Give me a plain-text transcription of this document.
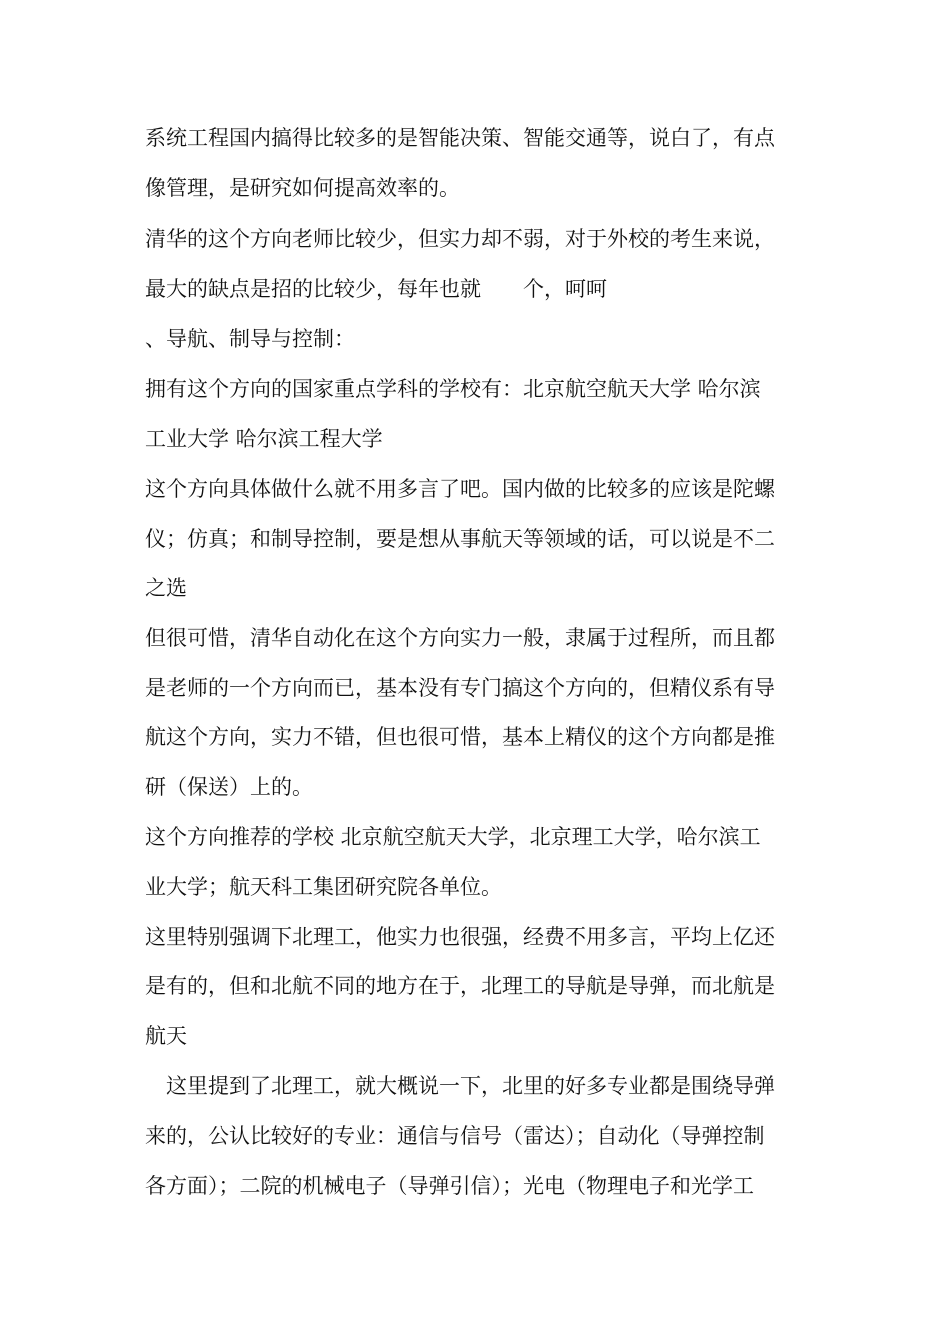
系统工程国内搞得比较多的是智能决策、智能交通等，说白了，有点
像管理，是研究如何提高效率的。
清华的这个方向老师比较少，但实力却不弱，对于外校的考生来说，
最大的缺点是招的比较少，每年也就　　个，呵呵
、导航、制导与控制：
拥有这个方向的国家重点学科的学校有：北京航空航天大学 哈尔滨
工业大学 哈尔滨工程大学
这个方向具体做什么就不用多言了吧。国内做的比较多的应该是陀螺
仪；仿真；和制导控制，要是想从事航天等领域的话，可以说是不二
之选
但很可惜，清华自动化在这个方向实力一般，隶属于过程所，而且都
是老师的一个方向而已，基本没有专门搞这个方向的，但精仪系有导
航这个方向，实力不错，但也很可惜，基本上精仪的这个方向都是推
研（保送）上的。
这个方向推荐的学校 北京航空航天大学，北京理工大学，哈尔滨工
业大学；航天科工集团研究院各单位。
这里特别强调下北理工，他实力也很强，经费不用多言，平均上亿还
是有的，但和北航不同的地方在于，北理工的导航是导弹，而北航是
航天
　这里提到了北理工，就大概说一下，北里的好多专业都是围绕导弹
来的，公认比较好的专业：通信与信号（雷达）；自动化（导弹控制
各方面）；二院的机械电子（导弹引信）；光电（物理电子和光学工
